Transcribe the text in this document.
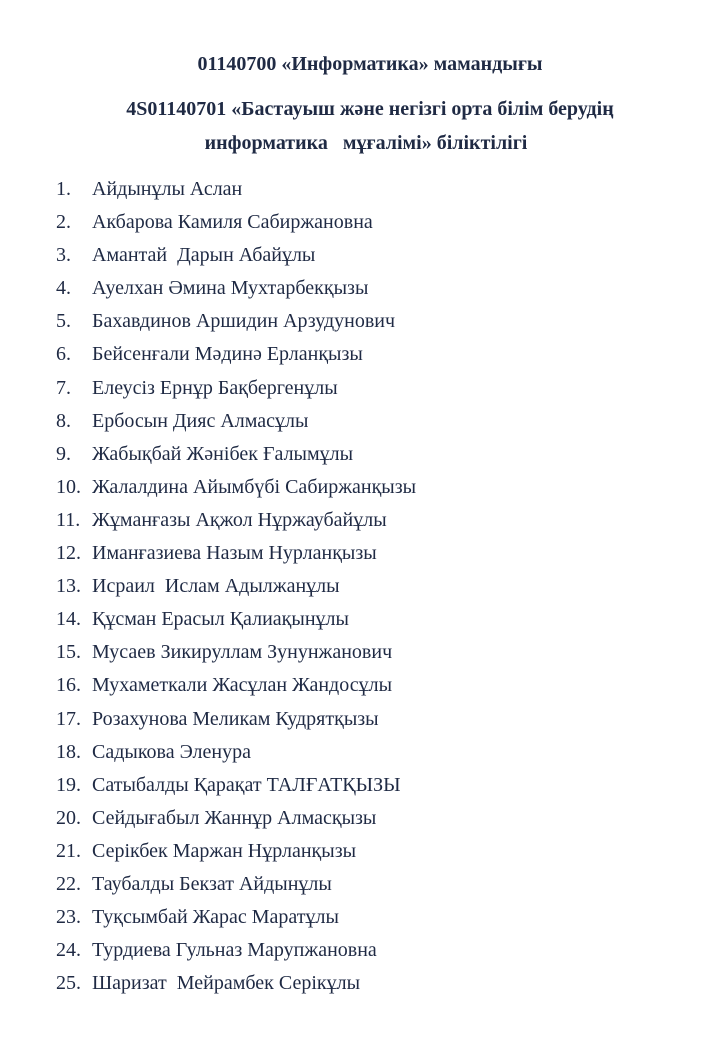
01140700 «Информатика» мамандығы

4S01140701 «Бастауыш және негізгі орта білім берудің

информатика   мұғалімі» біліктілігі

1. Айдынұлы Аслан
2. Акбарова Камиля Сабиржановна
3. Амантай  Дарын Абайұлы
4. Ауелхан Әмина Мухтарбекқызы
5. Бахавдинов Аршидин Арзудунович
6. Бейсенғали Мәдинә Ерланқызы
7. Елеусіз Ернұр Бақбергенұлы
8. Ербосын Дияс Алмасұлы
9. Жабықбай Жәнібек Ғалымұлы
10. Жалалдина Айымбүбі Сабиржанқызы
11. Жұманғазы Ақжол Нұржаубайұлы
12. Иманғазиева Назым Нурланқызы
13. Исраил  Ислам Адылжанұлы
14. Құсман Ерасыл Қалиақынұлы
15. Мусаев Зикируллам Зунунжанович
16. Мухаметкали Жасұлан Жандосұлы
17. Розахунова Меликам Кудрятқызы
18. Садыкова Эленура
19. Сатыбалды Қарақат ТАЛҒАТҚЫЗЫ
20. Сейдығабыл Жаннұр Алмасқызы
21. Серікбек Маржан Нұрланқызы
22. Таубалды Бекзат Айдынұлы
23. Туқсымбай Жарас Маратұлы
24. Турдиева Гульназ Марупжановна
25. Шаризат  Мейрамбек Серікұлы
